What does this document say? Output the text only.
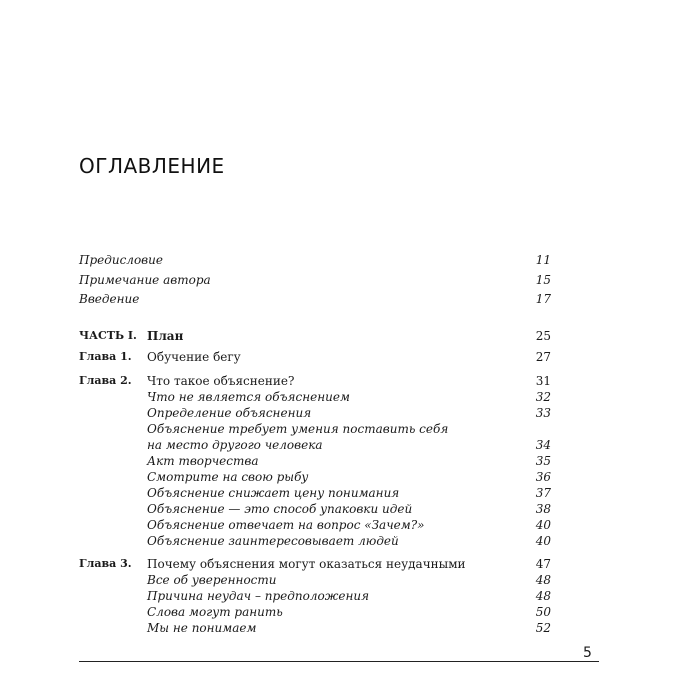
ОГЛАВЛЕНИЕ
Предисловие	11
Примечание автора	15
Введение	17
ЧАСТЬ I. План	25
Глава 1. Обучение бегу	27
Глава 2. Что такое объяснение?	31
Что не является объяснением	32
Определение объяснения	33
Объяснение требует умения поставить себя
на место другого человека	34
Акт творчества	35
Смотрите на свою рыбу	36
Объяснение снижает цену понимания	37
Объяснение — это способ упаковки идей	38
Объяснение отвечает на вопрос «Зачем?»	40
Объяснение заинтересовывает людей	40
Глава 3. Почему объяснения могут оказаться неудачными	47
Все об уверенности	48
Причина неудач – предположения	48
Слова могут ранить	50
Мы не понимаем	52
5
